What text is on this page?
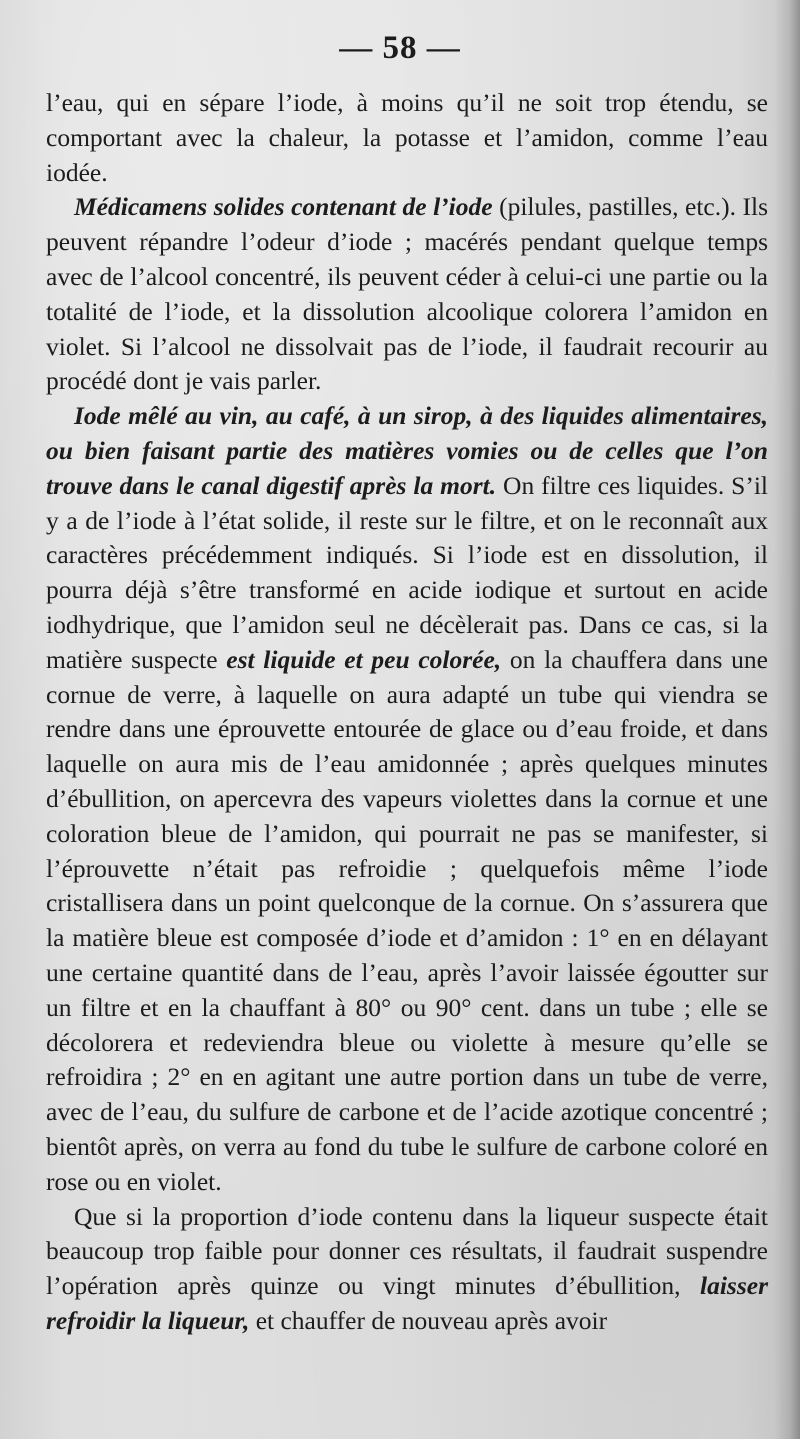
— 58 —

l’eau, qui en sépare l’iode, à moins qu’il ne soit trop étendu, se comportant avec la chaleur, la potasse et l’amidon, comme l’eau iodée.

Médicamens solides contenant de l’iode (pilules, pastilles, etc.). Ils peuvent répandre l’odeur d’iode ; macérés pendant quelque temps avec de l’alcool concentré, ils peuvent céder à celui-ci une partie ou la totalité de l’iode, et la dissolution alcoolique colorera l’amidon en violet. Si l’alcool ne dissolvait pas de l’iode, il faudrait recourir au procédé dont je vais parler.

Iode mêlé au vin, au café, à un sirop, à des liquides alimentaires, ou bien faisant partie des matières vomies ou de celles que l’on trouve dans le canal digestif après la mort. On filtre ces liquides. S’il y a de l’iode à l’état solide, il reste sur le filtre, et on le reconnaît aux caractères précédemment indiqués. Si l’iode est en dissolution, il pourra déjà s’être transformé en acide iodique et surtout en acide iodhydrique, que l’amidon seul ne décèlerait pas. Dans ce cas, si la matière suspecte est liquide et peu colorée, on la chauffera dans une cornue de verre, à laquelle on aura adapté un tube qui viendra se rendre dans une éprouvette entourée de glace ou d’eau froide, et dans laquelle on aura mis de l’eau amidonnée ; après quelques minutes d’ébullition, on apercevra des vapeurs violettes dans la cornue et une coloration bleue de l’amidon, qui pourrait ne pas se manifester, si l’éprouvette n’était pas refroidie ; quelquefois même l’iode cristallisera dans un point quelconque de la cornue. On s’assurera que la matière bleue est composée d’iode et d’amidon : 1° en en délayant une certaine quantité dans de l’eau, après l’avoir laissée égoutter sur un filtre et en la chauffant à 80° ou 90° cent. dans un tube ; elle se décolorera et redeviendra bleue ou violette à mesure qu’elle se refroidira ; 2° en en agitant une autre portion dans un tube de verre, avec de l’eau, du sulfure de carbone et de l’acide azotique concentré ; bientôt après, on verra au fond du tube le sulfure de carbone coloré en rose ou en violet.

Que si la proportion d’iode contenu dans la liqueur suspecte était beaucoup trop faible pour donner ces résultats, il faudrait suspendre l’opération après quinze ou vingt minutes d’ébullition, laisser refroidir la liqueur, et chauffer de nouveau après avoir
